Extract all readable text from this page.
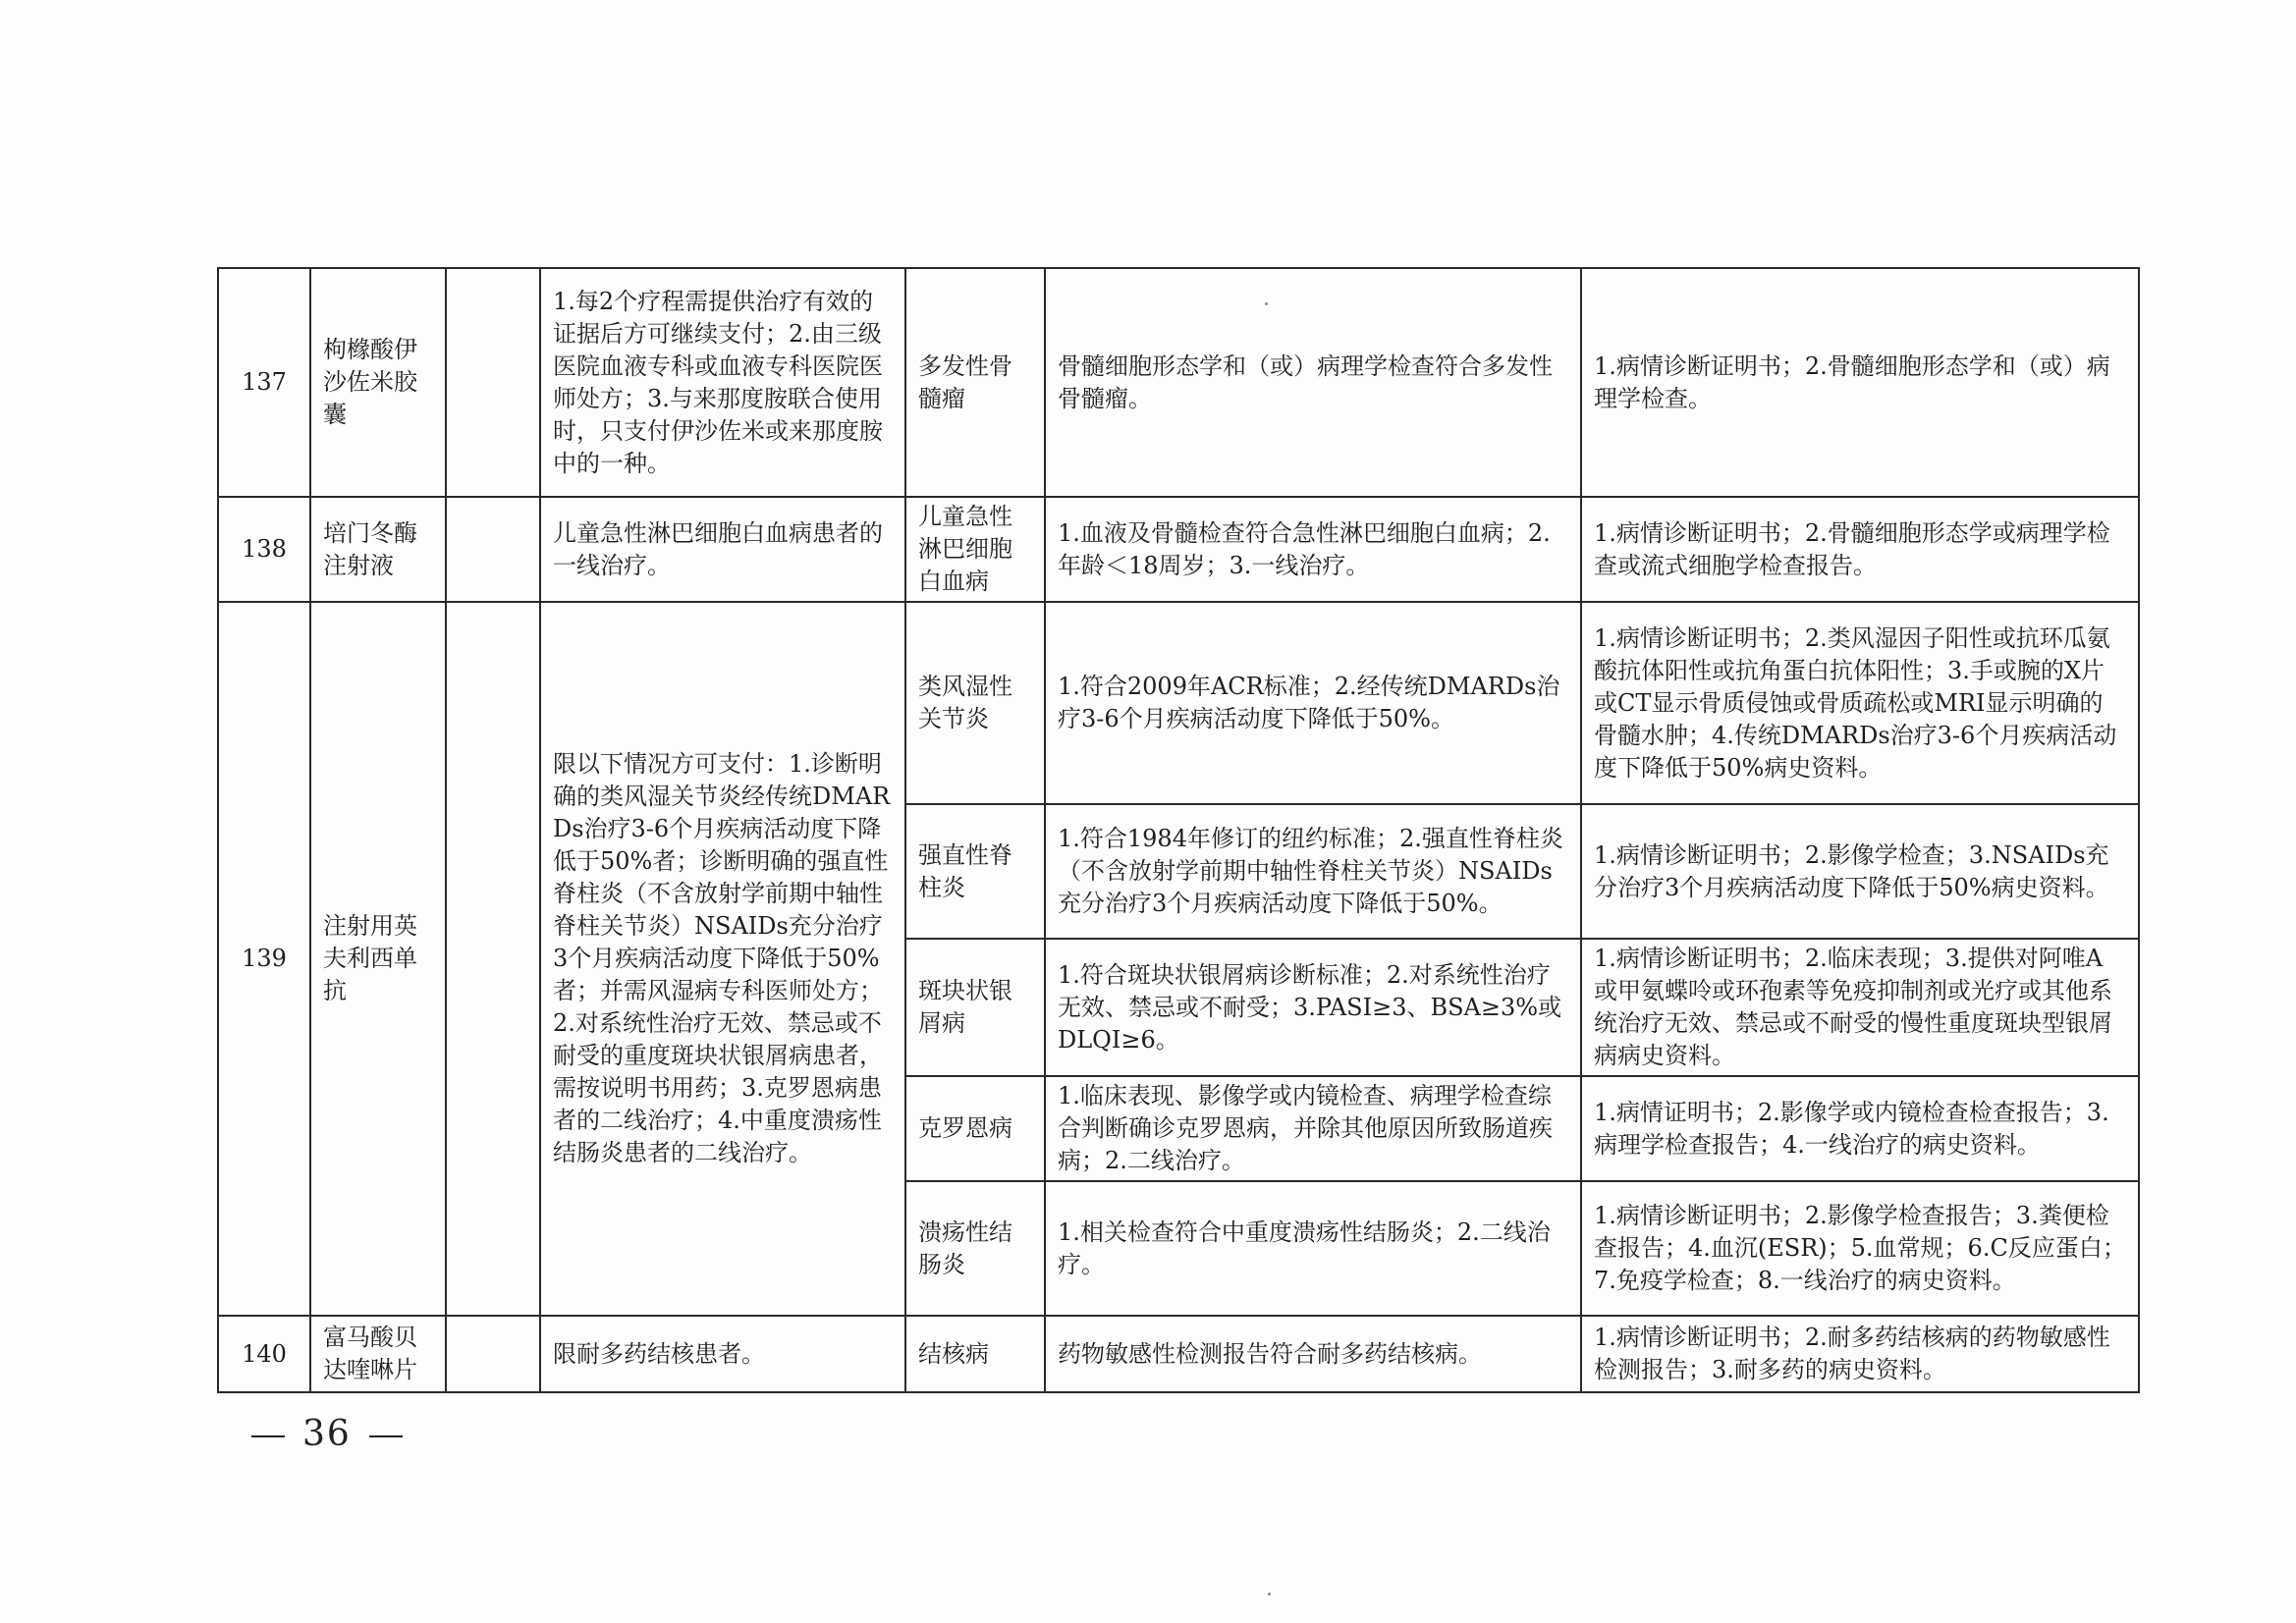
137	枸橼酸伊沙佐米胶囊		1.每2个疗程需提供治疗有效的证据后方可继续支付；2.由三级医院血液专科或血液专科医院医师处方；3.与来那度胺联合使用时，只支付伊沙佐米或来那度胺中的一种。	多发性骨髓瘤	骨髓细胞形态学和（或）病理学检查符合多发性骨髓瘤。	1.病情诊断证明书；2.骨髓细胞形态学和（或）病理学检查。
138	培门冬酶注射液		儿童急性淋巴细胞白血病患者的一线治疗。	儿童急性淋巴细胞白血病	1.血液及骨髓检查符合急性淋巴细胞白血病；2.年龄＜18周岁；3.一线治疗。	1.病情诊断证明书；2.骨髓细胞形态学或病理学检查或流式细胞学检查报告。
139	注射用英夫利西单抗		限以下情况方可支付：1.诊断明确的类风湿关节炎经传统DMARDs治疗3-6个月疾病活动度下降低于50%者；诊断明确的强直性脊柱炎（不含放射学前期中轴性脊柱关节炎）NSAIDs充分治疗3个月疾病活动度下降低于50%者；并需风湿病专科医师处方；2.对系统性治疗无效、禁忌或不耐受的重度斑块状银屑病患者，需按说明书用药；3.克罗恩病患者的二线治疗；4.中重度溃疡性结肠炎患者的二线治疗。	类风湿性关节炎	1.符合2009年ACR标准；2.经传统DMARDs治疗3-6个月疾病活动度下降低于50%。	1.病情诊断证明书；2.类风湿因子阳性或抗环瓜氨酸抗体阳性或抗角蛋白抗体阳性；3.手或腕的X片或CT显示骨质侵蚀或骨质疏松或MRI显示明确的骨髓水肿；4.传统DMARDs治疗3-6个月疾病活动度下降低于50%病史资料。
				强直性脊柱炎	1.符合1984年修订的纽约标准；2.强直性脊柱炎（不含放射学前期中轴性脊柱关节炎）NSAIDs充分治疗3个月疾病活动度下降低于50%。	1.病情诊断证明书；2.影像学检查；3.NSAIDs充分治疗3个月疾病活动度下降低于50%病史资料。
				斑块状银屑病	1.符合斑块状银屑病诊断标准；2.对系统性治疗无效、禁忌或不耐受；3.PASI≥3、BSA≥3%或DLQI≥6。	1.病情诊断证明书；2.临床表现；3.提供对阿唯A或甲氨蝶呤或环孢素等免疫抑制剂或光疗或其他系统治疗无效、禁忌或不耐受的慢性重度斑块型银屑病病史资料。
				克罗恩病	1.临床表现、影像学或内镜检查、病理学检查综合判断确诊克罗恩病，并除其他原因所致肠道疾病；2.二线治疗。	1.病情证明书；2.影像学或内镜检查检查报告；3.病理学检查报告；4.一线治疗的病史资料。
				溃疡性结肠炎	1.相关检查符合中重度溃疡性结肠炎；2.二线治疗。	1.病情诊断证明书；2.影像学检查报告；3.粪便检查报告；4.血沉(ESR)；5.血常规；6.C反应蛋白；7.免疫学检查；8.一线治疗的病史资料。
140	富马酸贝达喹啉片		限耐多药结核患者。	结核病	药物敏感性检测报告符合耐多药结核病。	1.病情诊断证明书；2.耐多药结核病的药物敏感性检测报告；3.耐多药的病史资料。
36
